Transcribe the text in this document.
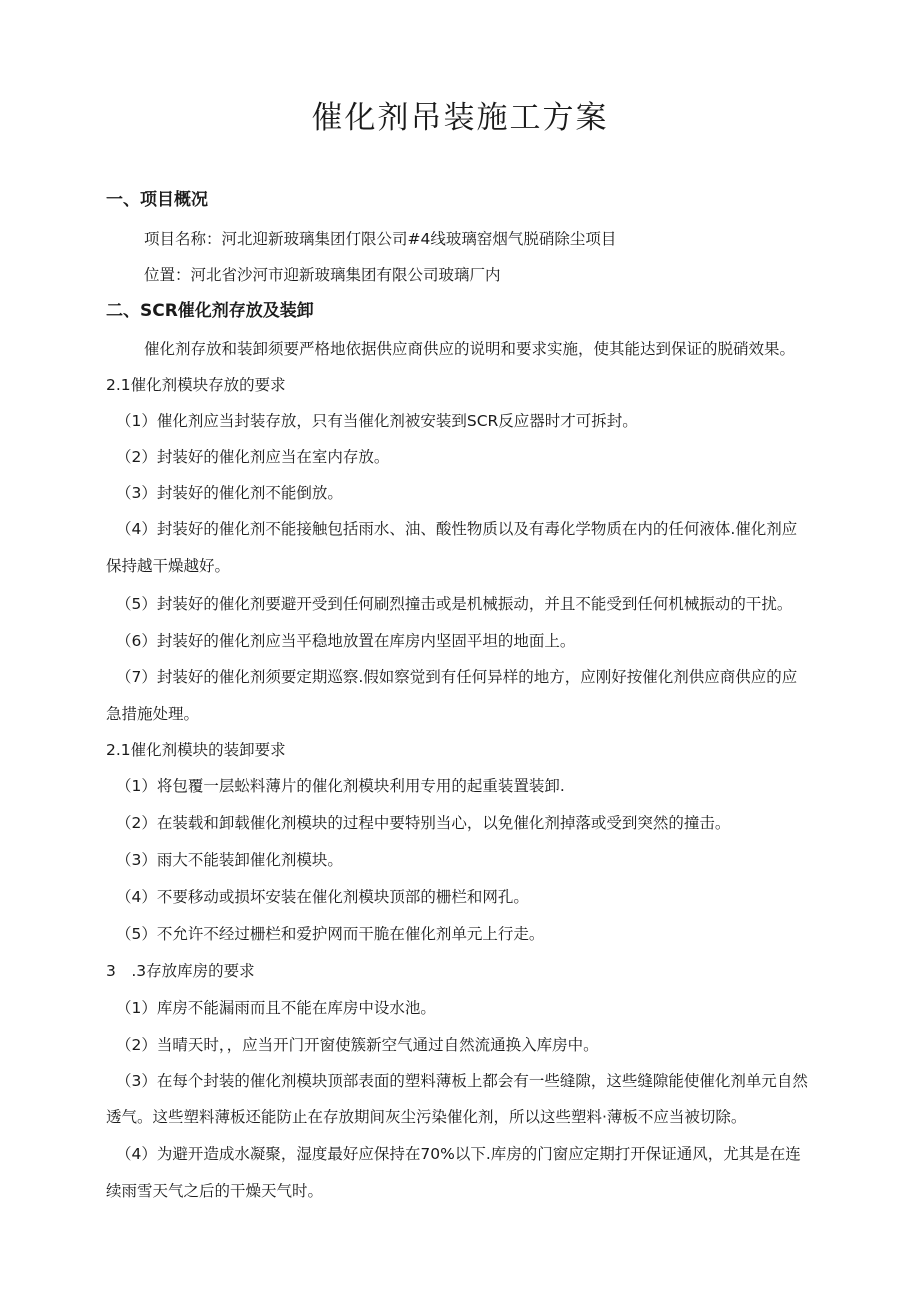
催化剂吊装施工方案
一、项目概况
项目名称：河北迎新玻璃集团仃限公司#4线玻璃窑烟气脱硝除尘项目
位置：河北省沙河市迎新玻璃集团有限公司玻璃厂内
二、SCR催化剂存放及装卸
催化剂存放和装卸须要严格地依据供应商供应的说明和要求实施，使其能达到保证的脱硝效果。
2.1催化剂模块存放的要求
（1）催化剂应当封装存放，只有当催化剂被安装到SCR反应器时才可拆封。
（2）封装好的催化剂应当在室内存放。
（3）封装好的催化剂不能倒放。
（4）封装好的催化剂不能接触包括雨水、油、酸性物质以及有毒化学物质在内的任何液体.催化剂应
保持越干燥越好。
（5）封装好的催化剂要避开受到任何刷烈撞击或是机械振动，并且不能受到任何机械振动的干扰。
（6）封装好的催化剂应当平稳地放置在库房内坚固平坦的地面上。
（7）封装好的催化剂须要定期巡察.假如察觉到有任何异样的地方，应刚好按催化剂供应商供应的应
急措施处理。
2.1催化剂模块的装卸要求
（1）将包覆一层蚣料薄片的催化剂模块利用专用的起重装置装卸.
（2）在装载和卸载催化剂模块的过程中要特别当心，以免催化剂掉落或受到突然的撞击。
（3）雨大不能装卸催化剂模块。
（4）不要移动或损坏安装在催化剂模块顶部的栅栏和网孔。
（5）不允许不经过栅栏和爱护网而干脆在催化剂单元上行走。
3　.3存放库房的要求
（1）库房不能漏雨而且不能在库房中设水池。
（2）当晴天时，，应当开门开窗使簇新空气通过自然流通换入库房中。
（3）在每个封装的催化剂模块顶部表面的塑料薄板上都会有一些缝隙，这些缝隙能使催化剂单元自然
透气。这些塑料薄板还能防止在存放期间灰尘污染催化剂，所以这些塑料·薄板不应当被切除。
（4）为避开造成水凝聚，湿度最好应保持在70%以下.库房的门窗应定期打开保证通风，尤其是在连
续雨雪天气之后的干燥天气时。
